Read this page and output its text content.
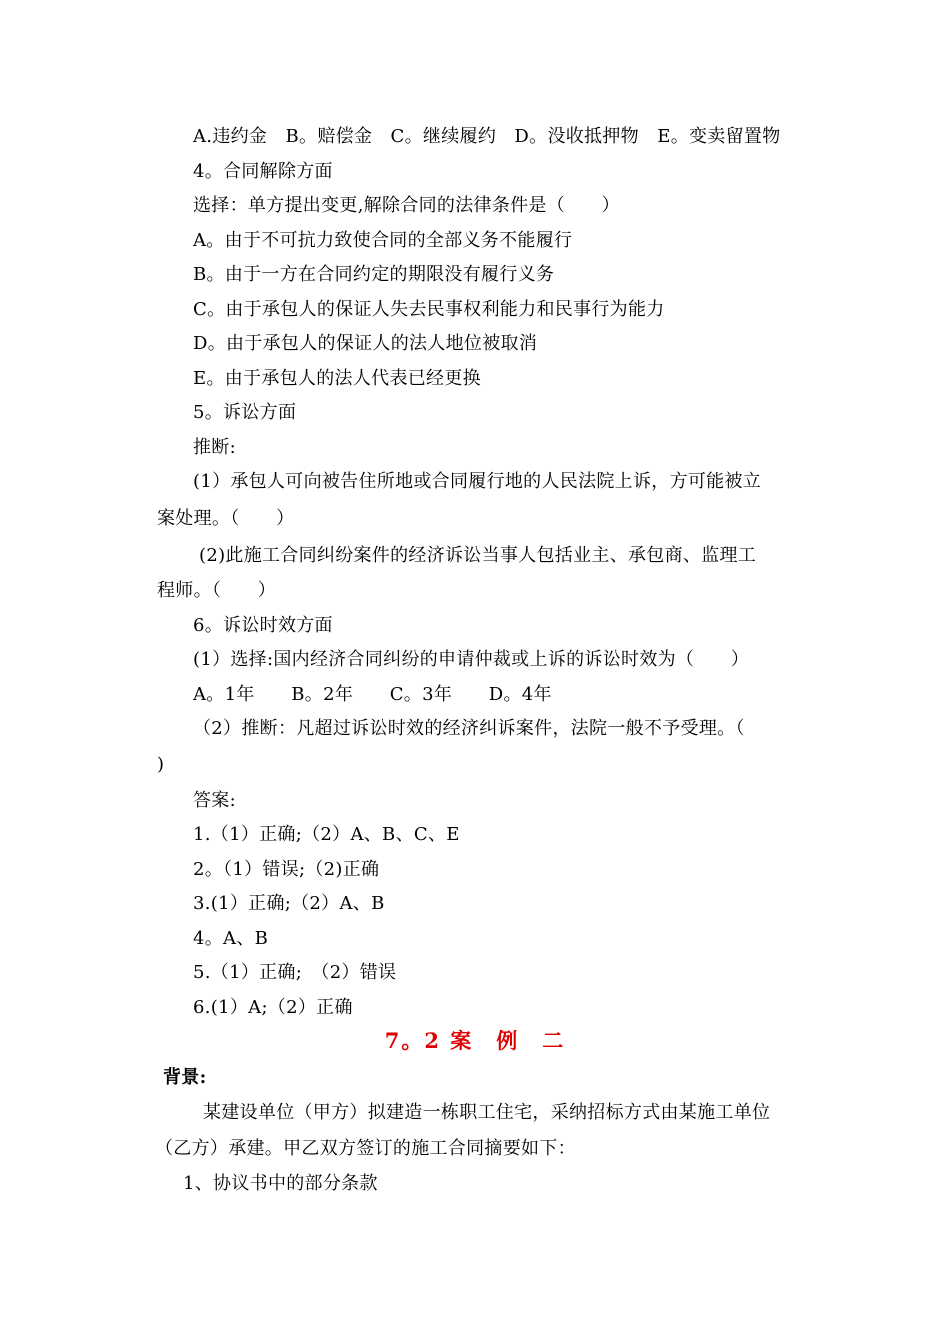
A.违约金　B。赔偿金　C。继续履约　D。没收抵押物　E。变卖留置物
4。合同解除方面
选择：单方提出变更,解除合同的法律条件是（　　）
A。由于不可抗力致使合同的全部义务不能履行
B。由于一方在合同约定的期限没有履行义务
C。由于承包人的保证人失去民事权利能力和民事行为能力
D。由于承包人的保证人的法人地位被取消
E。由于承包人的法人代表已经更换
5。诉讼方面
推断:
(1）承包人可向被告住所地或合同履行地的人民法院上诉，方可能被立
案处理。（　　）
(2)此施工合同纠纷案件的经济诉讼当事人包括业主、承包商、监理工
程师。（　　）
6。诉讼时效方面
(1）选择:国内经济合同纠纷的申请仲裁或上诉的诉讼时效为（　　）
A。1年　　B。2年　　C。3年　　D。4年
（2）推断：凡超过诉讼时效的经济纠诉案件，法院一般不予受理。（
)
答案:
1.（1）正确;（2）A、B、C、E
2。（1）错误;（2)正确
3.(1）正确;（2）A、B
4。A、B
5.（1）正确;　（2）错误
6.(1）A;（2）正确
7。2 案　例　二
背景:
某建设单位（甲方）拟建造一栋职工住宅，采纳招标方式由某施工单位
（乙方）承建。甲乙双方签订的施工合同摘要如下：
1、协议书中的部分条款
